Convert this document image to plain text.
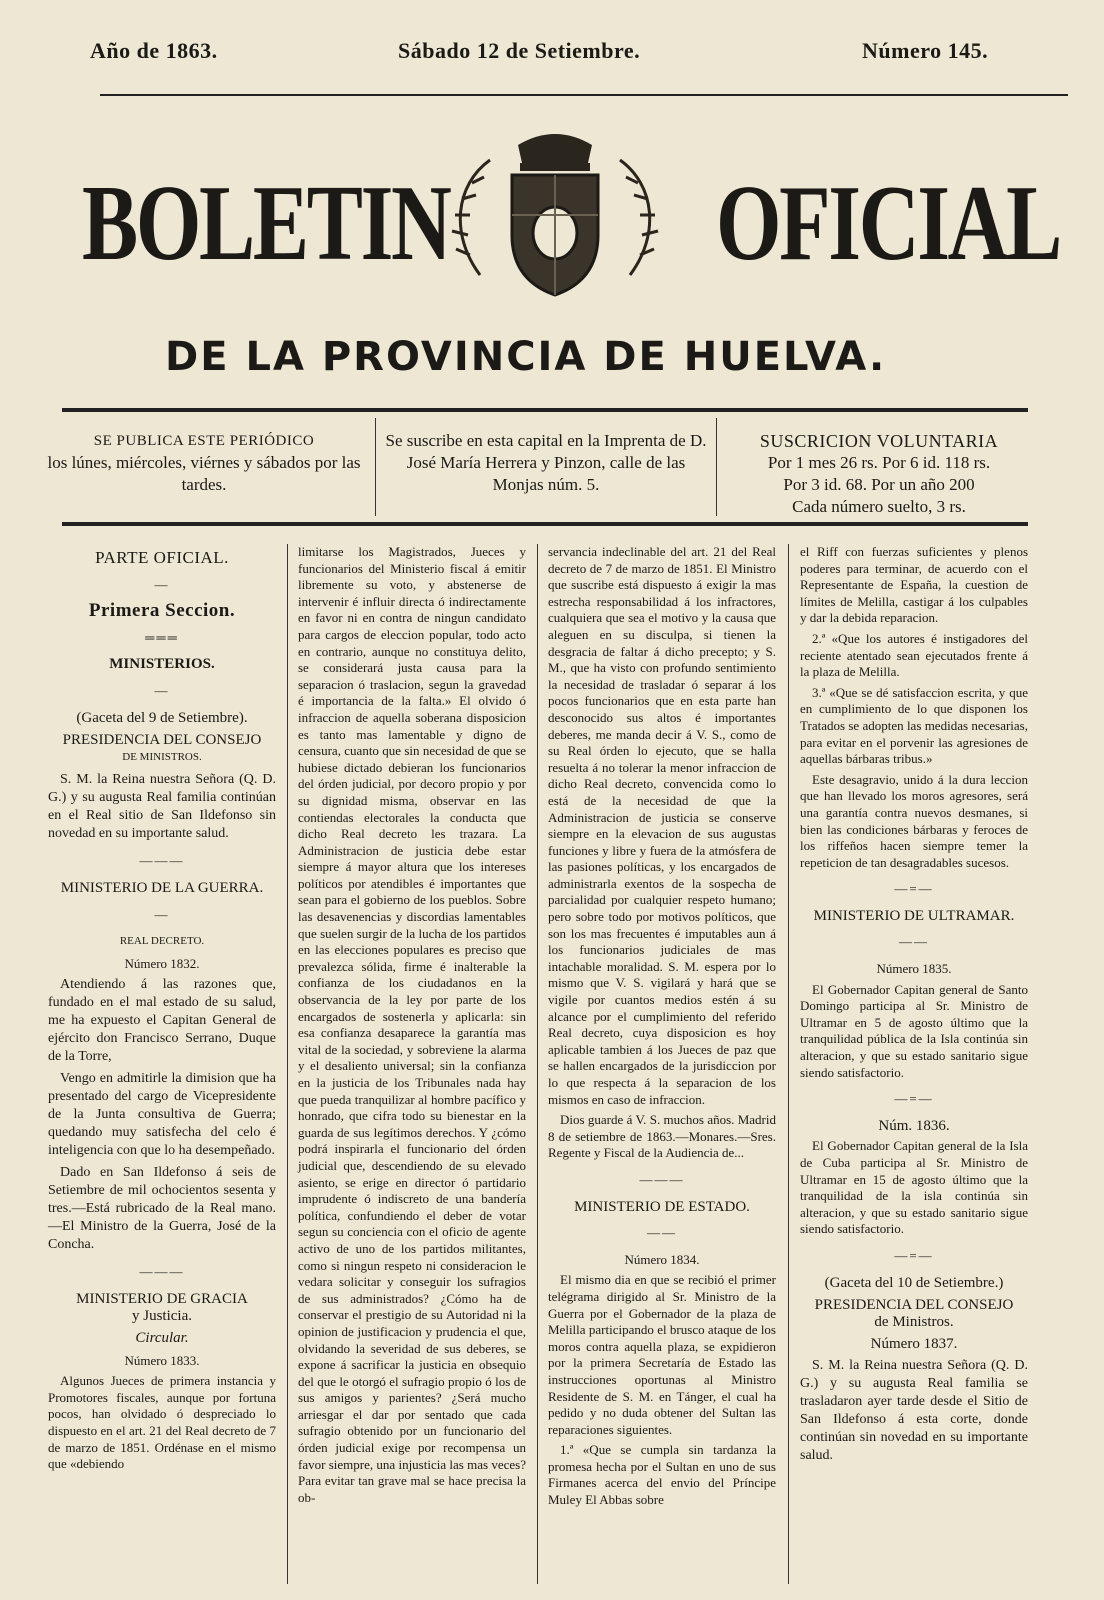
Año de 1863.	Sábado 12 de Setiembre.	Número 145.
BOLETIN OFICIAL
DE LA PROVINCIA DE HUELVA.

SE PUBLICA ESTE PERIÓDICO

los lúnes, miércoles, viérnes y sábados por las tardes.

Se suscribe en esta capital en la Imprenta de D. José María Herrera y Pinzon, calle de las Monjas núm. 5.

SUSCRICION VOLUNTARIA

Por 1 mes 26 rs. Por 6 id. 118 rs.

Por 3 id. 68. Por un año 200

Cada número suelto, 3 rs.

PARTE OFICIAL.
—
Primera Seccion.
═══
MINISTERIOS.
—
(Gaceta del 9 de Setiembre).
PRESIDENCIA DEL CONSEJO
DE MINISTROS.

S. M. la Reina nuestra Señora (Q. D. G.) y su augusta Real familia continúan en el Real sitio de San Ildefonso sin novedad en su importante salud.

———
MINISTERIO DE LA GUERRA.
—
REAL DECRETO.

Número 1832.

Atendiendo á las razones que, fundado en el mal estado de su salud, me ha expuesto el Capitan General de ejército don Francisco Serrano, Duque de la Torre,

Vengo en admitirle la dimision que ha presentado del cargo de Vicepresidente de la Junta consultiva de Guerra; quedando muy satisfecha del celo é inteligencia con que lo ha desempeñado.

Dado en San Ildefonso á seis de Setiembre de mil ochocientos sesenta y tres.—Está rubricado de la Real mano.—El Ministro de la Guerra, José de la Concha.

———
MINISTERIO DE GRACIA
y Justicia.
Circular.

Número 1833.

Algunos Jueces de primera instancia y Promotores fiscales, aunque por fortuna pocos, han olvidado ó despreciado lo dispuesto en el art. 21 del Real decreto de 7 de marzo de 1851. Ordénase en el mismo que «debiendo

limitarse los Magistrados, Jueces y funcionarios del Ministerio fiscal á emitir libremente su voto, y abstenerse de intervenir é influir directa ó indirectamente en favor ni en contra de ningun candidato para cargos de eleccion popular, todo acto en contrario, aunque no constituya delito, se considerará justa causa para la separacion ó traslacion, segun la gravedad é importancia de la falta.» El olvido ó infraccion de aquella soberana disposicion es tanto mas lamentable y digno de censura, cuanto que sin necesidad de que se hubiese dictado debieran los funcionarios del órden judicial, por decoro propio y por su dignidad misma, observar en las contiendas electorales la conducta que dicho Real decreto les trazara. La Administracion de justicia debe estar siempre á mayor altura que los intereses políticos por atendibles é importantes que sean para el gobierno de los pueblos. Sobre las desavenencias y discordias lamentables que suelen surgir de la lucha de los partidos en las elecciones populares es preciso que prevalezca sólida, firme é inalterable la confianza de los ciudadanos en la observancia de la ley por parte de los encargados de sostenerla y aplicarla: sin esa confianza desaparece la garantía mas vital de la sociedad, y sobreviene la alarma y el desaliento universal; sin la confianza en la justicia de los Tribunales nada hay que pueda tranquilizar al hombre pacífico y honrado, que cifra todo su bienestar en la guarda de sus legítimos derechos. Y ¿cómo podrá inspirarla el funcionario del órden judicial que, descendiendo de su elevado asiento, se erige en director ó partidario imprudente ó indiscreto de una bandería política, confundiendo el deber de votar segun su conciencia con el oficio de agente activo de uno de los partidos militantes, como si ningun respeto ni consideracion le vedara solicitar y conseguir los sufragios de sus administrados? ¿Cómo ha de conservar el prestigio de su Autoridad ni la opinion de justificacion y prudencia el que, olvidando la severidad de sus deberes, se expone á sacrificar la justicia en obsequio del que le otorgó el sufragio propio ó los de sus amigos y parientes? ¿Será mucho arriesgar el dar por sentado que cada sufragio obtenido por un funcionario del órden judicial exige por recompensa un favor siempre, una injusticia las mas veces? Para evitar tan grave mal se hace precisa la ob-

servancia indeclinable del art. 21 del Real decreto de 7 de marzo de 1851. El Ministro que suscribe está dispuesto á exigir la mas estrecha responsabilidad á los infractores, cualquiera que sea el motivo y la causa que aleguen en su disculpa, si tienen la desgracia de faltar á dicho precepto; y S. M., que ha visto con profundo sentimiento la necesidad de trasladar ó separar á los pocos funcionarios que en esta parte han desconocido sus altos é importantes deberes, me manda decir á V. S., como de su Real órden lo ejecuto, que se halla resuelta á no tolerar la menor infraccion de dicho Real decreto, convencida como lo está de la necesidad de que la Administracion de justicia se conserve siempre en la elevacion de sus augustas funciones y libre y fuera de la atmósfera de las pasiones políticas, y los encargados de administrarla exentos de la sospecha de parcialidad por cualquier respeto humano; pero sobre todo por motivos políticos, que son los mas frecuentes é imputables aun á los funcionarios judiciales de mas intachable moralidad. S. M. espera por lo mismo que V. S. vigilará y hará que se vigile por cuantos medios estén á su alcance por el cumplimiento del referido Real decreto, cuya disposicion es hoy aplicable tambien á los Jueces de paz que se hallen encargados de la jurisdiccion por lo que respecta á la separacion de los mismos en caso de infraccion.

Dios guarde á V. S. muchos años. Madrid 8 de setiembre de 1863.—Monares.—Sres. Regente y Fiscal de la Audiencia de...

———
MINISTERIO DE ESTADO.
——

Número 1834.

El mismo dia en que se recibió el primer telégrama dirigido al Sr. Ministro de la Guerra por el Gobernador de la plaza de Melilla participando el brusco ataque de los moros contra aquella plaza, se expidieron por la primera Secretaría de Estado las instrucciones oportunas al Ministro Residente de S. M. en Tánger, el cual ha pedido y no duda obtener del Sultan las reparaciones siguientes.

1.ª «Que se cumpla sin tardanza la promesa hecha por el Sultan en uno de sus Firmanes acerca del envio del Príncipe Muley El Abbas sobre

el Riff con fuerzas suficientes y plenos poderes para terminar, de acuerdo con el Representante de España, la cuestion de límites de Melilla, castigar á los culpables y dar la debida reparacion.

2.ª «Que los autores é instigadores del reciente atentado sean ejecutados frente á la plaza de Melilla.

3.ª «Que se dé satisfaccion escrita, y que en cumplimiento de lo que disponen los Tratados se adopten las medidas necesarias, para evitar en el porvenir las agresiones de aquellas bárbaras tribus.»

Este desagravio, unido á la dura leccion que han llevado los moros agresores, será una garantía contra nuevos desmanes, si bien las condiciones bárbaras y feroces de los riffeños hacen siempre temer la repeticion de tan desagradables sucesos.

—=—
MINISTERIO DE ULTRAMAR.
——

Número 1835.

El Gobernador Capitan general de Santo Domingo participa al Sr. Ministro de Ultramar en 5 de agosto último que la tranquilidad pública de la Isla continúa sin alteracion, y que su estado sanitario sigue siendo satisfactorio.

—=—

Núm. 1836.

El Gobernador Capitan general de la Isla de Cuba participa al Sr. Ministro de Ultramar en 15 de agosto último que la tranquilidad de la isla continúa sin alteracion, y que su estado sanitario sigue siendo satisfactorio.

—=—
(Gaceta del 10 de Setiembre.)
PRESIDENCIA DEL CONSEJO
de Ministros.

Número 1837.

S. M. la Reina nuestra Señora (Q. D. G.) y su augusta Real familia se trasladaron ayer tarde desde el Sitio de San Ildefonso á esta corte, donde continúan sin novedad en su importante salud.
